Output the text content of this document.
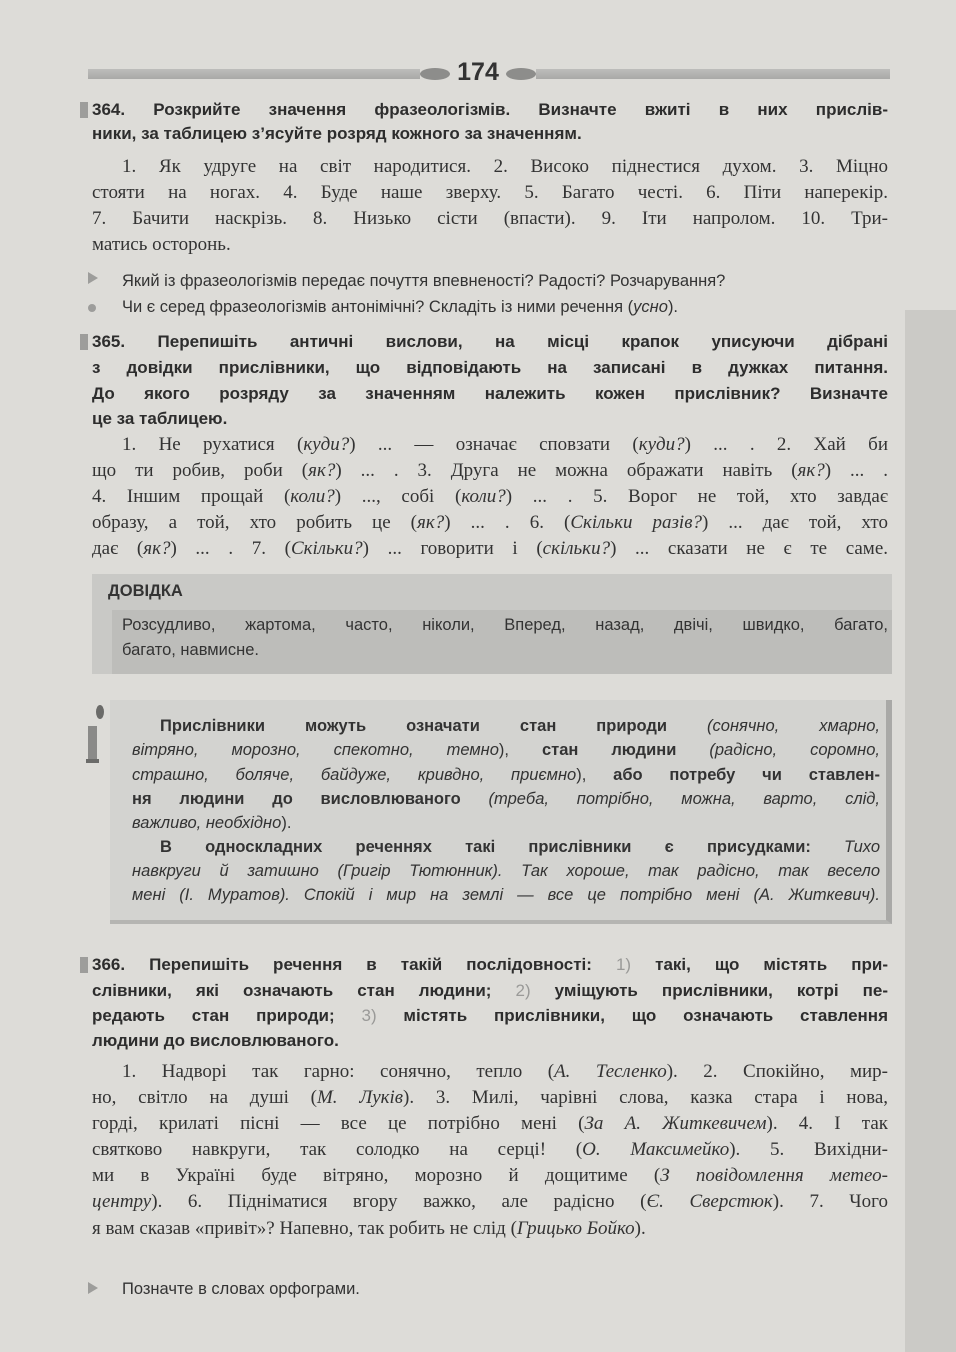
174
ДОВІДКА
364. Розкрийте значення фразеологізмів. Визначте вжиті в них прислів-
ники, за таблицею з’ясуйте розряд кожного за значенням.
1. Як удруге на світ народитися. 2. Високо піднестися духом. 3. Міцно
стояти на ногах. 4. Буде наше зверху. 5. Багато честі. 6. Піти наперекір.
7. Бачити наскрізь. 8. Низько сісти (впасти). 9. Іти напролом. 10. Три-
матись осторонь.
Який із фразеологізмів передає почуття впевненості? Радості? Розчарування?
Чи є серед фразеологізмів антонімічні? Складіть із ними речення (усно).
365. Перепишіть античні вислови, на місці крапок уписуючи дібрані
з довідки прислівники, що відповідають на записані в дужках питання.
До якого розряду за значенням належить кожен прислівник? Визначте
це за таблицею.
1. Не рухатися (куди?) ... — означає сповзати (куди?) ... . 2. Хай би
що ти робив, роби (як?) ... . 3. Друга не можна ображати навіть (як?) ... .
4. Іншим прощай (коли?) ..., собі (коли?) ... . 5. Ворог не той, хто завдає
образу, а той, хто робить це (як?) ... . 6. (Скільки разів?) ... дає той, хто
дає (як?) ... . 7. (Скільки?) ... говорити і (скільки?) ... сказати не є те саме.
Розсудливо, жартома, часто, ніколи, Вперед, назад, двічі, швидко, багато,
багато, навмисне.
Прислівники можуть означати стан природи (сонячно, хмарно,
вітряно, морозно, спекотно, темно), стан людини (радісно, соромно,
страшно, боляче, байдуже, кривдно, приємно), або потребу чи ставлен-
ня людини до висловлюваного (треба, потрібно, можна, варто, слід,
важливо, необхідно).
В односкладних реченнях такі прислівники є присудками: Тихо
навкруги й затишно (Григір Тютюнник). Так хороше, так радісно, так весело
мені (І. Муратов). Спокій і мир на землі — все це потрібно мені (А. Житкевич).
366. Перепишіть речення в такій послідовності: 1) такі, що містять при-
слівники, які означають стан людини; 2) уміщують прислівники, котрі пе-
редають стан природи; 3) містять прислівники, що означають ставлення
людини до висловлюваного.
1. Надворі так гарно: сонячно, тепло (А. Тесленко). 2. Спокійно, мир-
но, світло на душі (М. Луків). 3. Милі, чарівні слова, казка стара і нова,
горді, крилаті пісні — все це потрібно мені (За А. Житкевичем). 4. І так
святково навкруги, так солодко на серці! (О. Максимейко). 5. Вихідни-
ми в Україні буде вітряно, морозно й дощитиме (З повідомлення метео-
центру). 6. Підніматися вгору важко, але радісно (Є. Сверстюк). 7. Чого
я вам сказав «привіт»? Напевно, так робить не слід (Грицько Бойко).
Позначте в словах орфограми.
